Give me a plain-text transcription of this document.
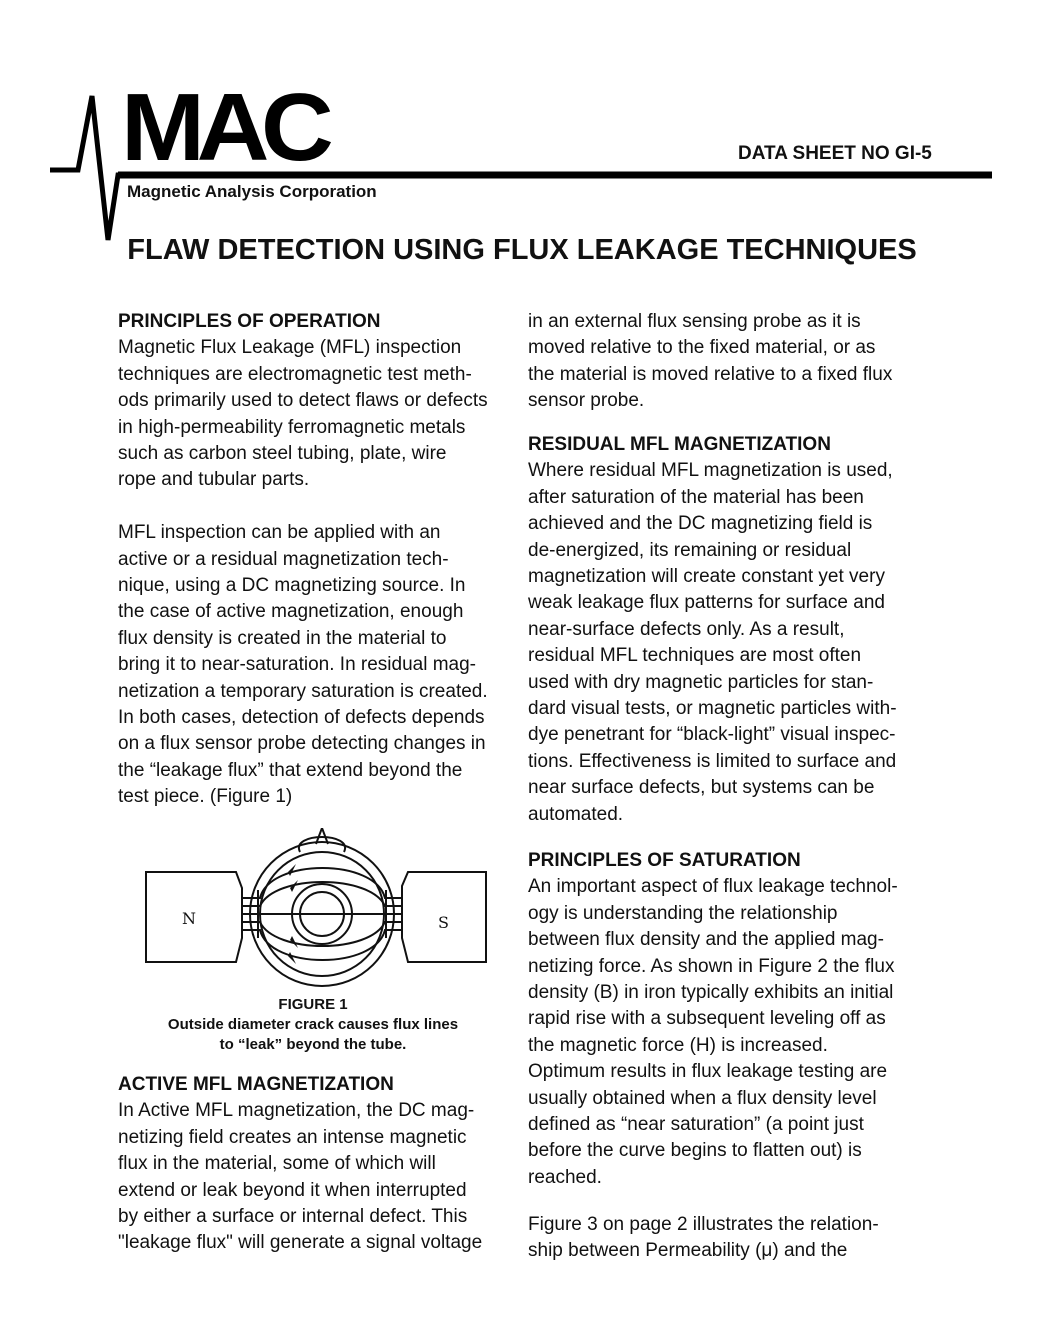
MAC
Magnetic Analysis Corporation
DATA SHEET NO GI-5
FLAW DETECTION USING FLUX LEAKAGE TECHNIQUES
PRINCIPLES OF OPERATION

Magnetic Flux Leakage (MFL) inspection
techniques are electromagnetic test meth-
ods primarily used to detect flaws or defects
in high-permeability ferromagnetic metals
such as carbon steel tubing, plate, wire
rope and tubular parts.

MFL inspection can be applied with an
active or a residual magnetization tech-
nique, using a DC magnetizing source. In
the case of active magnetization, enough
flux density is created in the material to
bring it to near-saturation. In residual mag-
netization a temporary saturation is created.
In both cases, detection of defects depends
on a flux sensor probe detecting changes in
the “leakage flux” that extend beyond the
test piece. (Figure 1)

N	S
FIGURE 1
Outside diameter crack causes flux lines
to “leak” beyond the tube.
ACTIVE MFL MAGNETIZATION

In Active MFL magnetization, the DC mag-
netizing field creates an intense magnetic
flux in the material, some of which will
extend or leak beyond it when interrupted
by either a surface or internal defect. This
"leakage flux" will generate a signal voltage

in an external flux sensing probe as it is
moved relative to the fixed material, or as
the material is moved relative to a fixed flux
sensor probe.

RESIDUAL MFL MAGNETIZATION

Where residual MFL magnetization is used,
after saturation of the material has been
achieved and the DC magnetizing field is
de-energized, its remaining or residual
magnetization will create constant yet very
weak leakage flux patterns for surface and
near-surface defects only. As a result,
residual MFL techniques are most often
used with dry magnetic particles for stan-
dard visual tests, or magnetic particles with-
dye penetrant for “black-light” visual inspec-
tions. Effectiveness is limited to surface and
near surface defects, but systems can be
automated.

PRINCIPLES OF SATURATION

An important aspect of flux leakage technol-
ogy is understanding the relationship
between flux density and the applied mag-
netizing force. As shown in Figure 2 the flux
density (B) in iron typically exhibits an initial
rapid rise with a subsequent leveling off as
the magnetic force (H) is increased.
Optimum results in flux leakage testing are
usually obtained when a flux density level
defined as “near saturation” (a point just
before the curve begins to flatten out) is
reached.

Figure 3 on page 2 illustrates the relation-
ship between Permeability (μ) and the
